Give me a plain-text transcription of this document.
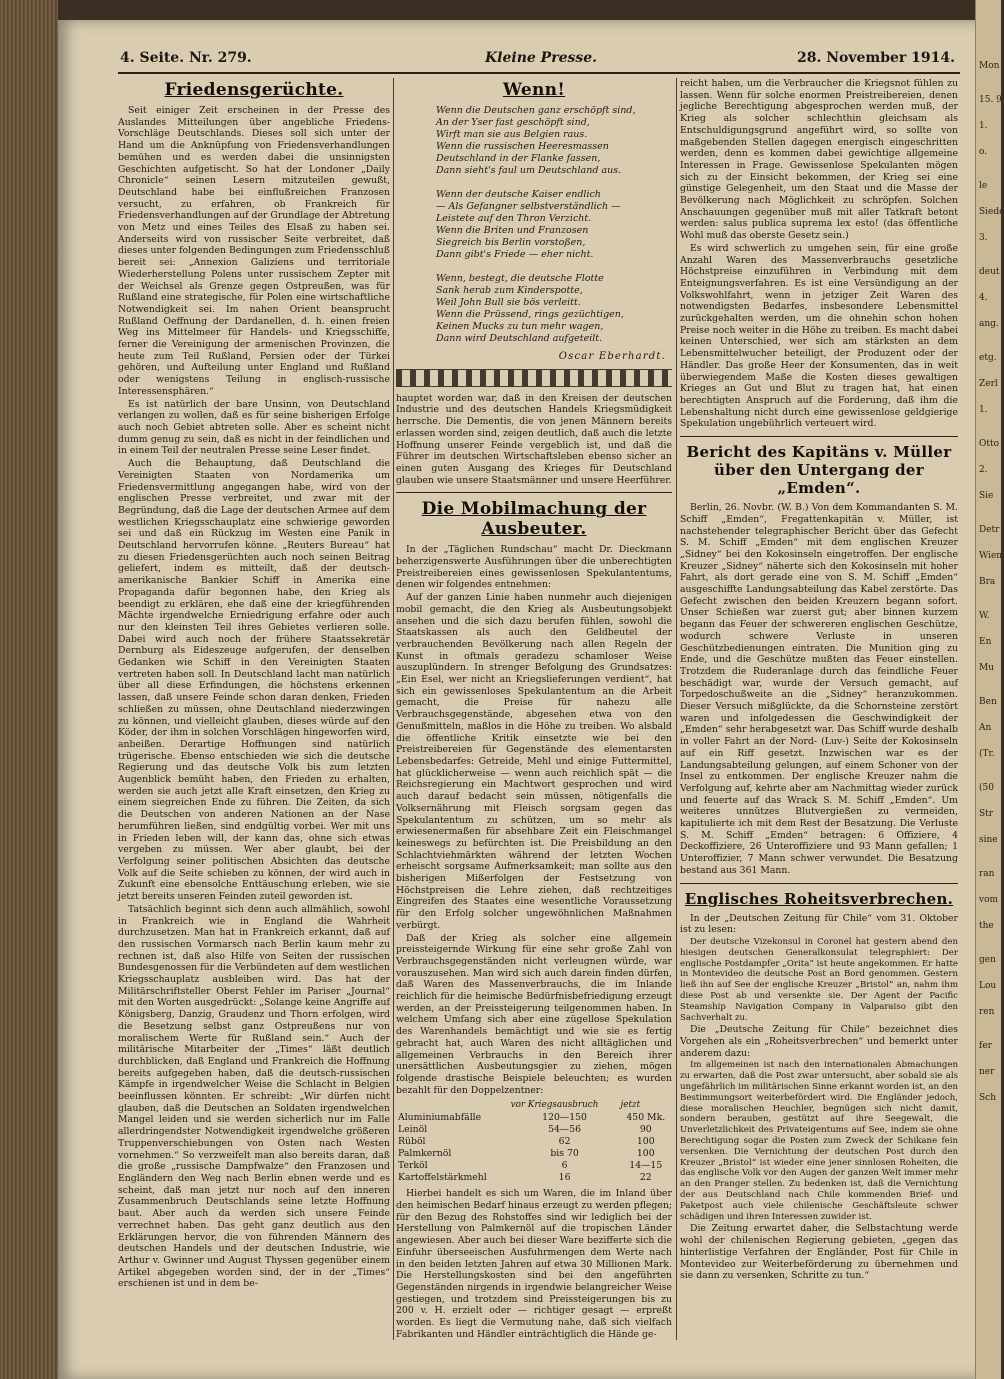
4. Seite. Nr. 279.	Kleine Presse.	28. November 1914.
Friedensgerüchte.

Seit einiger Zeit erscheinen in der Presse des Auslandes Mitteilungen über angebliche Friedens-Vorschläge Deutschlands. Dieses soll sich unter der Hand um die Anknüpfung von Friedensverhandlungen bemühen und es werden dabei die unsinnigsten Geschichten aufgetischt. So hat der Londoner „Daily Chronicle“ seinen Lesern mitzuteilen gewußt, Deutschland habe bei einflußreichen Franzosen versucht, zu erfahren, ob Frankreich für Friedensverhandlungen auf der Grundlage der Abtretung von Metz und eines Teiles des Elsaß zu haben sei. Anderseits wird von russischer Seite verbreitet, daß dieses unter folgenden Bedingungen zum Friedensschluß bereit sei: „Annexion Galiziens und territoriale Wiederherstellung Polens unter russischem Zepter mit der Weichsel als Grenze gegen Ostpreußen, was für Rußland eine strategische, für Polen eine wirtschaftliche Notwendigkeit sei. Im nahen Orient beansprucht Rußland Oeffnung der Dardanellen, d. h. einen freien Weg ins Mittelmeer für Handels- und Kriegsschiffe, ferner die Vereinigung der armenischen Provinzen, die heute zum Teil Rußland, Persien oder der Türkei gehören, und Aufteilung unter England und Rußland oder wenigstens Teilung in englisch-russische Interessensphären.“

Es ist natürlich der bare Unsinn, von Deutschland verlangen zu wollen, daß es für seine bisherigen Erfolge auch noch Gebiet abtreten solle. Aber es scheint nicht dumm genug zu sein, daß es nicht in der feindlichen und in einem Teil der neutralen Presse seine Leser findet.

Auch die Behauptung, daß Deutschland die Vereinigten Staaten von Nordamerika um Friedensvermittlung angegangen habe, wird von der englischen Presse verbreitet, und zwar mit der Begründung, daß die Lage der deutschen Armee auf dem westlichen Kriegsschauplatz eine schwierige geworden sei und daß ein Rückzug im Westen eine Panik in Deutschland hervorrufen könne. „Reuters Bureau“ hat zu diesen Friedensgerüchten auch noch seinen Beitrag geliefert, indem es mitteilt, daß der deutsch-amerikanische Bankier Schiff in Amerika eine Propaganda dafür begonnen habe, den Krieg als beendigt zu erklären, ehe daß eine der kriegführenden Mächte irgendwelche Erniedrigung erfahre oder auch nur den kleinsten Teil ihres Gebietes verlieren solle. Dabei wird auch noch der frühere Staatssekretär Dernburg als Eideszeuge aufgerufen, der denselben Gedanken wie Schiff in den Vereinigten Staaten vertreten haben soll. In Deutschland lacht man natürlich über all diese Erfindungen, die höchstens erkennen lassen, daß unsere Feinde schon daran denken, Frieden schließen zu müssen, ohne Deutschland niederzwingen zu können, und vielleicht glauben, dieses würde auf den Köder, der ihm in solchen Vorschlägen hingeworfen wird, anbeißen. Derartige Hoffnungen sind natürlich trügerische. Ebenso entschieden wie sich die deutsche Regierung und das deutsche Volk bis zum letzten Augenblick bemüht haben, den Frieden zu erhalten, werden sie auch jetzt alle Kraft einsetzen, den Krieg zu einem siegreichen Ende zu führen. Die Zeiten, da sich die Deutschen von anderen Nationen an der Nase herumführen ließen, sind endgültig vorbei. Wer mit uns in Frieden leben will, der kann das, ohne sich etwas vergeben zu müssen. Wer aber glaubt, bei der Verfolgung seiner politischen Absichten das deutsche Volk auf die Seite schieben zu können, der wird auch in Zukunft eine ebensolche Enttäuschung erleben, wie sie jetzt bereits unseren Feinden zuteil geworden ist.

Tatsächlich beginnt sich denn auch allmählich, sowohl in Frankreich wie in England die Wahrheit durchzusetzen. Man hat in Frankreich erkannt, daß auf den russischen Vormarsch nach Berlin kaum mehr zu rechnen ist, daß also Hilfe von Seiten der russischen Bundesgenossen für die Verbündeten auf dem westlichen Kriegsschauplatz ausbleiben wird. Das hat der Militärschriftsteller Oberst Fehler im Pariser „Journal“ mit den Worten ausgedrückt: „Solange keine Angriffe auf Königsberg, Danzig, Graudenz und Thorn erfolgen, wird die Besetzung selbst ganz Ostpreußens nur von moralischem Werte für Rußland sein.“ Auch der militärische Mitarbeiter der „Times“ läßt deutlich durchblicken, daß England und Frankreich die Hoffnung bereits aufgegeben haben, daß die deutsch-russischen Kämpfe in irgendwelcher Weise die Schlacht in Belgien beeinflussen könnten. Er schreibt: „Wir dürfen nicht glauben, daß die Deutschen an Soldaten irgendwelchen Mangel leiden und sie werden sicherlich nur im Falle allerdringendster Notwendigkeit irgendwelche größeren Truppenverschiebungen von Osten nach Westen vornehmen.“ So verzweifelt man also bereits daran, daß die große „russische Dampfwalze“ den Franzosen und Engländern den Weg nach Berlin ebnen werde und es scheint, daß man jetzt nur noch auf den inneren Zusammenbruch Deutschlands seine letzte Hoffnung baut. Aber auch da werden sich unsere Feinde verrechnet haben. Das geht ganz deutlich aus den Erklärungen hervor, die von führenden Männern des deutschen Handels und der deutschen Industrie, wie Arthur v. Gwinner und August Thyssen gegenüber einem Artikel abgegeben worden sind, der in der „Times“ erschienen ist und in dem be-

Wenn!
Wenn die Deutschen ganz erschöpft sind,
An der Yser fast geschöpft sind,
Wirft man sie aus Belgien raus.
Wenn die russischen Heeresmassen
Deutschland in der Flanke fassen,
Dann sieht's faul um Deutschland aus.

Wenn der deutsche Kaiser endlich
— Als Gefangner selbstverständlich —
Leistete auf den Thron Verzicht.
Wenn die Briten und Franzosen
Siegreich bis Berlin vorstoßen,
Dann gibt's Friede — eher nicht.

Wenn, bestegt, die deutsche Flotte
Sank herab zum Kinderspotte,
Weil John Bull sie bös verleitt.
Wenn die Prüssend, rings gezüchtigen,
Keinen Mucks zu tun mehr wagen,
Dann wird Deutschland aufgeteilt.
Oscar Eberhardt.

hauptet worden war, daß in den Kreisen der deutschen Industrie und des deutschen Handels Kriegsmüdigkeit herrsche. Die Dementis, die von jenen Männern bereits erlassen worden sind, zeigen deutlich, daß auch die letzte Hoffnung unserer Feinde vergeblich ist, und daß die Führer im deutschen Wirtschaftsleben ebenso sicher an einen guten Ausgang des Krieges für Deutschland glauben wie unsere Staatsmänner und unsere Heerführer.

Die Mobilmachung der Ausbeuter.

In der „Täglichen Rundschau“ macht Dr. Dieckmann beherzigenswerte Ausführungen über die unberechtigten Preistreibereien eines gewissenlosen Spekulantentums, denen wir folgendes entnehmen:

Auf der ganzen Linie haben nunmehr auch diejenigen mobil gemacht, die den Krieg als Ausbeutungsobjekt ansehen und die sich dazu berufen fühlen, sowohl die Staatskassen als auch den Geldbeutel der verbrauchenden Bevölkerung nach allen Regeln der Kunst in oftmals geradezu schamloser Weise auszuplündern. In strenger Befolgung des Grundsatzes: „Ein Esel, wer nicht an Kriegslieferungen verdient“, hat sich ein gewissenloses Spekulantentum an die Arbeit gemacht, die Preise für nahezu alle Verbrauchsgegenstände, abgesehen etwa von den Genußmitteln, maßlos in die Höhe zu treiben. Wo alsbald die öffentliche Kritik einsetzte wie bei den Preistreibereien für Gegenstände des elementarsten Lebensbedarfes: Getreide, Mehl und einige Futtermittel, hat glücklicherweise — wenn auch reichlich spät — die Reichsregierung ein Machtwort gesprochen und wird auch darauf bedacht sein müssen, nötigenfalls die Volksernährung mit Fleisch sorgsam gegen das Spekulantentum zu schützen, um so mehr als erwiesenermaßen für absehbare Zeit ein Fleischmangel keineswegs zu befürchten ist. Die Preisbildung an den Schlachtviehmärkten während der letzten Wochen erheischt sorgsame Aufmerksamkeit; man sollte aus den bisherigen Mißerfolgen der Festsetzung von Höchstpreisen die Lehre ziehen, daß rechtzeitiges Eingreifen des Staates eine wesentliche Voraussetzung für den Erfolg solcher ungewöhnlichen Maßnahmen verbürgt.

Daß der Krieg als solcher eine allgemein preissteigernde Wirkung für eine sehr große Zahl von Verbrauchsgegenständen nicht verleugnen würde, war vorauszusehen. Man wird sich auch darein finden dürfen, daß Waren des Massenverbrauchs, die im Inlande reichlich für die heimische Bedürfnisbefriedigung erzeugt werden, an der Preissteigerung teilgenommen haben. In welchem Umfang sich aber eine zügellose Spekulation des Warenhandels bemächtigt und wie sie es fertig gebracht hat, auch Waren des nicht alltäglichen und allgemeinen Verbrauchs in den Bereich ihrer unersättlichen Ausbeutungsgier zu ziehen, mögen folgende drastische Beispiele beleuchten; es wurden bezahlt für den Doppelzentner:

	vor Kriegsausbruch	jetzt
Aluminiumabfälle	120—150	450 Mk.
Leinöl	54—56	90
Rüböl	62	100
Palmkernöl	bis 70	100
Terköl	6	14—15
Kartoffelstärkmehl	16	22

Hierbei handelt es sich um Waren, die im Inland über den heimischen Bedarf hinaus erzeugt zu werden pflegen; für den Bezug des Rohstoffes sind wir lediglich bei der Herstellung von Palmkernöl auf die tropischen Länder angewiesen. Aber auch bei dieser Ware bezifferte sich die Einfuhr überseeischen Ausfuhrmengen dem Werte nach in den beiden letzten Jahren auf etwa 30 Millionen Mark. Die Herstellungskosten sind bei den angeführten Gegenständen nirgends in irgendwie belangreicher Weise gestiegen, und trotzdem sind Preissteigerungen bis zu 200 v. H. erzielt oder — richtiger gesagt — erpreßt worden. Es liegt die Vermutung nahe, daß sich vielfach Fabrikanten und Händler einträchtiglich die Hände ge-

reicht haben, um die Verbraucher die Kriegsnot fühlen zu lassen. Wenn für solche enormen Preistreibereien, denen jegliche Berechtigung abgesprochen werden muß, der Krieg als solcher schlechthin gleichsam als Entschuldigungsgrund angeführt wird, so sollte von maßgebenden Stellen dagegen energisch eingeschritten werden, denn es kommen dabei gewichtige allgemeine Interessen in Frage. Gewissenlose Spekulanten mögen sich zu der Einsicht bekommen, der Krieg sei eine günstige Gelegenheit, um den Staat und die Masse der Bevölkerung nach Möglichkeit zu schröpfen. Solchen Anschauungen gegenüber muß mit aller Tatkraft betont werden: salus publica suprema lex esto! (das öffentliche Wohl muß das oberste Gesetz sein.)

Es wird schwerlich zu umgehen sein, für eine große Anzahl Waren des Massenverbrauchs gesetzliche Höchstpreise einzuführen in Verbindung mit dem Enteignungsverfahren. Es ist eine Versündigung an der Volkswohlfahrt, wenn in jetziger Zeit Waren des notwendigsten Bedarfes, insbesondere Lebensmittel zurückgehalten werden, um die ohnehin schon hohen Preise noch weiter in die Höhe zu treiben. Es macht dabei keinen Unterschied, wer sich am stärksten an dem Lebensmittelwucher beteiligt, der Produzent oder der Händler. Das große Heer der Konsumenten, das in weit überwiegendem Maße die Kosten dieses gewaltigen Krieges an Gut und Blut zu tragen hat, hat einen berechtigten Anspruch auf die Forderung, daß ihm die Lebenshaltung nicht durch eine gewissenlose geldgierige Spekulation ungebührlich verteuert wird.

Bericht des Kapitäns v. Müller über den Untergang der „Emden“.

Berlin, 26. Novbr. (W. B.) Von dem Kommandanten S. M. Schiff „Emden“, Fregattenkapitän v. Müller, ist nachstehender telegraphischer Bericht über das Gefecht S. M. Schiff „Emden“ mit dem englischen Kreuzer „Sidney“ bei den Kokosinseln eingetroffen. Der englische Kreuzer „Sidney“ näherte sich den Kokosinseln mit hoher Fahrt, als dort gerade eine von S. M. Schiff „Emden“ ausgeschiffte Landungsabteilung das Kabel zerstörte. Das Gefecht zwischen den beiden Kreuzern begann sofort. Unser Schießen war zuerst gut; aber binnen kurzem begann das Feuer der schwereren englischen Geschütze, wodurch schwere Verluste in unseren Geschützbedienungen eintraten. Die Munition ging zu Ende, und die Geschütze mußten das Feuer einstellen. Trotzdem die Ruderanlage durch das feindliche Feuer beschädigt war, wurde der Versuch gemacht, auf Torpedoschußweite an die „Sidney“ heranzukommen. Dieser Versuch mißglückte, da die Schornsteine zerstört waren und infolgedessen die Geschwindigkeit der „Emden“ sehr herabgesetzt war. Das Schiff wurde deshalb in voller Fahrt an der Nord- (Luv-) Seite der Kokosinseln auf ein Riff gesetzt. Inzwischen war es der Landungsabteilung gelungen, auf einem Schoner von der Insel zu entkommen. Der englische Kreuzer nahm die Verfolgung auf, kehrte aber am Nachmittag wieder zurück und feuerte auf das Wrack S. M. Schiff „Emden“. Um weiteres unnützes Blutvergießen zu vermeiden, kapitulierte ich mit dem Rest der Besatzung. Die Verluste S. M. Schiff „Emden“ betragen: 6 Offiziere, 4 Deckoffiziere, 26 Unteroffiziere und 93 Mann gefallen; 1 Unteroffizier, 7 Mann schwer verwundet. Die Besatzung bestand aus 361 Mann.

Englisches Roheitsverbrechen.

In der „Deutschen Zeitung für Chile“ vom 31. Oktober ist zu lesen:

Der deutsche Vizekonsul in Coronel hat gestern abend den hiesigen deutschen Generalkonsulat telegraphiert: Der englische Postdampfer „Orita“ ist heute angekommen. Er hatte in Montevideo die deutsche Post an Bord genommen. Gestern ließ ihn auf See der englische Kreuzer „Bristol“ an, nahm ihm diese Post ab und versenkte sie. Der Agent der Pacific Steamship Navigation Company in Valparaiso gibt den Sachverhalt zu.

Die „Deutsche Zeitung für Chile“ bezeichnet dies Vorgehen als ein „Roheitsverbrechen“ und bemerkt unter anderem dazu:

Im allgemeinen ist nach den internationalen Abmachungen zu erwarten, daß die Post zwar untersucht, aber sobald sie als ungefährlich im militärischen Sinne erkannt worden ist, an den Bestimmungsort weiterbefördert wird. Die Engländer jedoch, diese moralischen Heuchler, begnügen sich nicht damit, sondern berauben, gestützt auf ihre Seegewalt, die Unverletzlichkeit des Privateigentums auf See, indem sie ohne Berechtigung sogar die Posten zum Zweck der Schikane fein versenken. Die Vernichtung der deutschen Post durch den Kreuzer „Bristol“ ist wieder eine jener sinnlosen Roheiten, die das englische Volk vor den Augen der ganzen Welt immer mehr an den Pranger stellen. Zu bedenken ist, daß die Vernichtung der aus Deutschland nach Chile kommenden Brief- und Paketpost auch viele chilenische Geschäftsleute schwer schädigen und ihren Interessen zuwider ist.

Die Zeitung erwartet daher, die Selbstachtung werde wohl der chilenischen Regierung gebieten, „gegen das hinterlistige Verfahren der Engländer, Post für Chile in Montevideo zur Weiterbeförderung zu übernehmen und sie dann zu versenken, Schritte zu tun.“

Mon
15. 9
1.
o.
le
Siede
3.
deut
4.
ang.
etg.
Zerl
1.
Otto
2.
Sie
Detr
Wien
Bra
W.
En
Mu
Ben
An
(Tr.
(50
Str
sine
ran
vom
the
gen
Lou
ren
fer
ner
Sch
